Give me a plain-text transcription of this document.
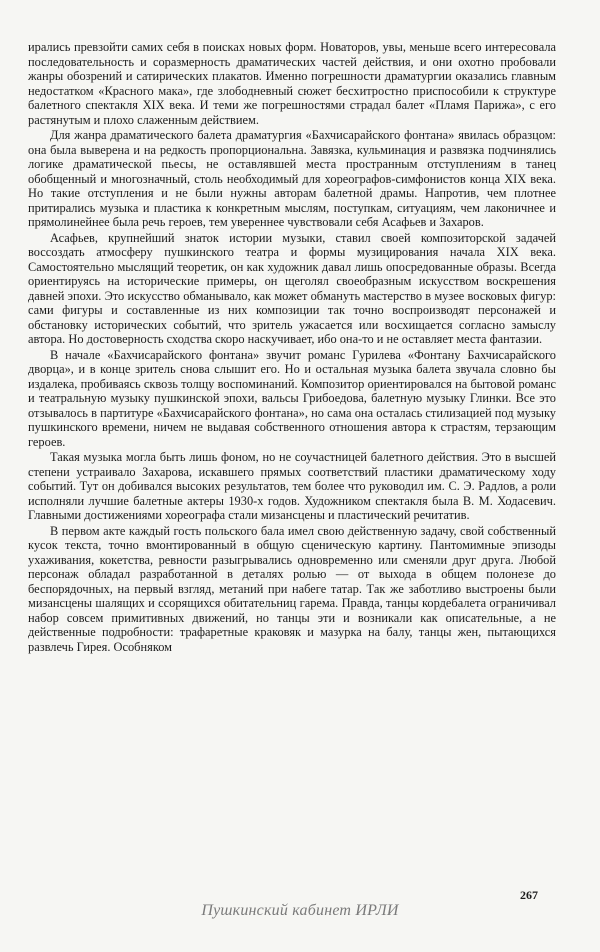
ирались превзойти самих себя в поисках новых форм. Новаторов, увы, меньше всего интересовала последовательность и соразмерность драматических частей действия, и они охотно пробовали жанры обозрений и сатирических плакатов. Именно погрешности драматургии оказались главным недостатком «Красного мака», где злободневный сюжет бесхитростно приспособили к структуре балетного спектакля XIX века. И теми же погрешностями страдал балет «Пламя Парижа», с его растянутым и плохо слаженным действием.

Для жанра драматического балета драматургия «Бахчисарайского фонтана» явилась образцом: она была выверена и на редкость пропорциональна. Завязка, кульминация и развязка подчинялись логике драматической пьесы, не оставлявшей места пространным отступлениям в танец обобщенный и многозначный, столь необходимый для хореографов-симфонистов конца XIX века. Но такие отступления и не были нужны авторам балетной драмы. Напротив, чем плотнее притирались музыка и пластика к конкретным мыслям, поступкам, ситуациям, чем лаконичнее и прямолинейнее была речь героев, тем увереннее чувствовали себя Асафьев и Захаров.

Асафьев, крупнейший знаток истории музыки, ставил своей композиторской задачей воссоздать атмосферу пушкинского театра и формы музицирования начала XIX века. Самостоятельно мыслящий теоретик, он как художник давал лишь опосредованные образы. Всегда ориентируясь на исторические примеры, он щеголял своеобразным искусством воскрешения давней эпохи. Это искусство обманывало, как может обмануть мастерство в музее восковых фигур: сами фигуры и составленные из них композиции так точно воспроизводят персонажей и обстановку исторических событий, что зритель ужасается или восхищается согласно замыслу автора. Но достоверность сходства скоро наскучивает, ибо она-то и не оставляет места фантазии.

В начале «Бахчисарайского фонтана» звучит романс Гурилева «Фонтану Бахчисарайского дворца», и в конце зритель снова слышит его. Но и остальная музыка балета звучала словно бы издалека, пробиваясь сквозь толщу воспоминаний. Композитор ориентировался на бытовой романс и театральную музыку пушкинской эпохи, вальсы Грибоедова, балетную музыку Глинки. Все это отзывалось в партитуре «Бахчисарайского фонтана», но сама она осталась стилизацией под музыку пушкинского времени, ничем не выдавая собственного отношения автора к страстям, терзающим героев.

Такая музыка могла быть лишь фоном, но не соучастницей балетного действия. Это в высшей степени устраивало Захарова, искавшего прямых соответствий пластики драматическому ходу событий. Тут он добивался высоких результатов, тем более что руководил им. С. Э. Радлов, а роли исполняли лучшие балетные актеры 1930-х годов. Художником спектакля была В. М. Ходасевич. Главными достижениями хореографа стали мизансцены и пластический речитатив.

В первом акте каждый гость польского бала имел свою действенную задачу, свой собственный кусок текста, точно вмонтированный в общую сценическую картину. Пантомимные эпизоды ухаживания, кокетства, ревности разыгрывались одновременно или сменяли друг друга. Любой персонаж обладал разработанной в деталях ролью — от выхода в общем полонезе до беспорядочных, на первый взгляд, метаний при набеге татар. Так же заботливо выстроены были мизансцены шалящих и ссорящихся обитательниц гарема. Правда, танцы кордебалета ограничивал набор совсем примитивных движений, но танцы эти и возникали как описательные, а не действенные подробности: трафаретные краковяк и мазурка на балу, танцы жен, пытающихся развлечь Гирея. Особняком

267
Пушкинский кабинет ИРЛИ
